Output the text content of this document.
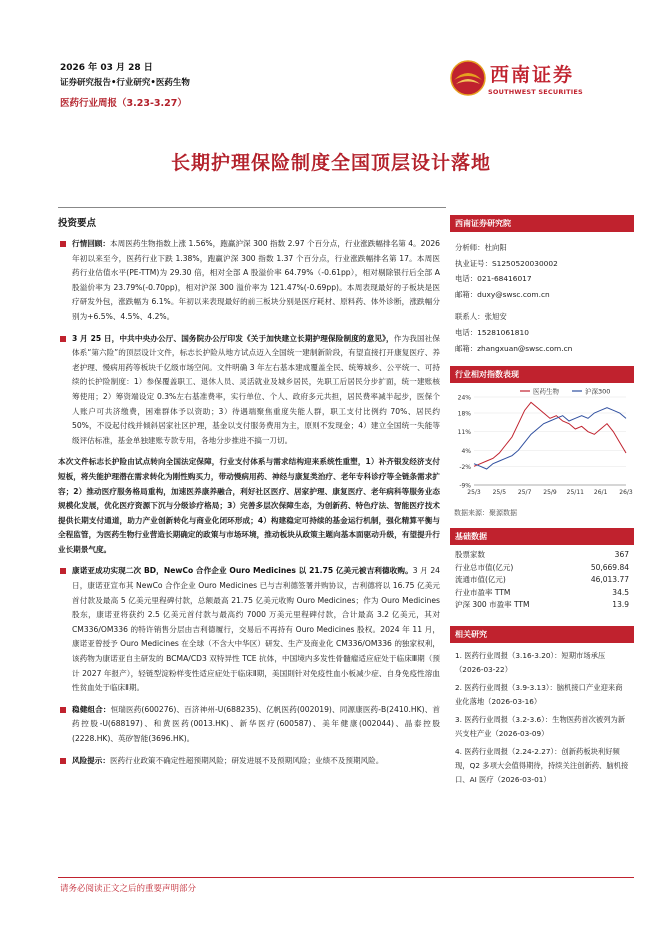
2026 年 03 月 28 日
证券研究报告•行业研究•医药生物
医药行业周报（3.23-3.27）
西南证券
SOUTHWEST SECURITIES
长期护理保险制度全国顶层设计落地
投资要点
行情回顾：本周医药生物指数上涨 1.56%，跑赢沪深 300 指数 2.97 个百分点，行业涨跌幅排名第 4。2026 年初以来至今，医药行业下跌 1.38%，跑赢沪深 300 指数 1.37 个百分点，行业涨跌幅排名第 17。本周医药行业估值水平(PE-TTM)为 29.30 倍，相对全部 A 股溢价率 64.79%（-0.61pp），相对剔除银行后全部 A 股溢价率为 23.79%(-0.70pp)，相对沪深 300 溢价率为 121.47%(-0.69pp)。本周表现最好的子板块是医疗研发外包，涨跌幅为 6.1%。年初以来表现最好的前三板块分别是医疗耗材、原料药、体外诊断，涨跌幅分别为+6.5%、4.5%、4.2%。
3 月 25 日，中共中央办公厅、国务院办公厅印发《关于加快建立长期护理保险制度的意见》，作为我国社保体系“第六险”的顶层设计文件，标志长护险从地方试点迈入全国统一建制新阶段，有望直接打开康复医疗、养老护理、慢病用药等板块千亿级市场空间。文件明确 3 年左右基本建成覆盖全民、统筹城乡、公平统一、可持续的长护险制度：1）参保覆盖职工、退休人员、灵活就业及城乡居民，先职工后居民分步扩面，统一建账核筹使用；2）筹资端设定 0.3%左右基准费率，实行单位、个人、政府多元共担，居民费率减半起步，医保个人账户可共济缴费，困难群体予以资助；3）待遇端聚焦重度失能人群，职工支付比例约 70%、居民约 50%，不设起付线并倾斜居家社区护理，基金以支付服务费用为主，原则不发现金；4）建立全国统一失能等级评估标准，基金单独建账专款专用，各地分步推进不搞一刀切。
本次文件标志长护险由试点转向全国法定保障，行业支付体系与需求结构迎来系统性重塑，1）补齐银发经济支付短板，将失能护理潜在需求转化为刚性购买力，带动慢病用药、神经与康复类治疗、老年专科诊疗等全链条需求扩容；2）推动医疗服务格局重构，加速医养康养融合，利好社区医疗、居家护理、康复医疗、老年病科等服务业态规模化发展，优化医疗资源下沉与分级诊疗格局；3）完善多层次保障生态，为创新药、特色疗法、智能医疗技术提供长期支付通道，助力产业创新转化与商业化闭环形成；4）构建稳定可持续的基金运行机制，强化精算平衡与全程监管，为医药生物行业营造长期确定的政策与市场环境，推动板块从政策主题向基本面驱动升级，有望提升行业长期景气度。
康诺亚成功实现二次 BD，NewCo 合作企业 Ouro Medicines 以 21.75 亿美元被吉利德收购。3 月 24 日，康诺亚宣布其 NewCo 合作企业 Ouro Medicines 已与吉利德签署并购协议，吉利德将以 16.75 亿美元首付款及最高 5 亿美元里程碑付款，总额最高 21.75 亿美元收购 Ouro Medicines；作为 Ouro Medicines 股东，康诺亚将获约 2.5 亿美元首付款与最高约 7000 万美元里程碑付款，合计最高 3.2 亿美元，其对 CM336/OM336 的特许销售分层由吉利德履行，交易后不再持有 Ouro Medicines 股权。2024 年 11 月，康诺亚曾授予 Ouro Medicines 在全球（不含大中华区）研发、生产及商业化 CM336/OM336 的独家权利，该药物为康诺亚自主研发的 BCMA/CD3 双特异性 TCE 抗体，中国境内多发性骨髓瘤适应症处于临床Ⅲ期（预计 2027 年报产），轻链型淀粉样变性适应症处于临床Ⅱ期，美国則针对免疫性血小板减少症、自身免疫性溶血性贫血处于临床Ⅱ期。
稳健组合：恒瑞医药(600276)、百济神州-U(688235)、亿帆医药(002019)、同源康医药-B(2410.HK)、首药控股-U(688197)、和黄医药(0013.HK)、新华医疗(600587)、美年健康(002044)、晶泰控股(2228.HK)、英矽智能(3696.HK)。
风险提示：医药行业政策不确定性超预期风险；研发进展不及预期风险；业绩不及预期风险。
西南证券研究院
分析师：杜向阳
执业证号：S1250520030002
电话：021-68416017
邮箱：duxy@swsc.com.cn
联系人：张旭安
电话：15281061810
邮箱：zhangxuan@swsc.com.cn
行业相对指数表现
24%
18%
11%
4%
-2%
-9%
25/3 25/5 25/7 25/9 25/11 26/1 26/3
医药生物	沪深300
数据来源：聚源数据
基础数据
股票家数	367
行业总市值(亿元)	50,669.84
流通市值(亿元)	46,013.77
行业市盈率 TTM	34.5
沪深 300 市盈率 TTM	13.9
相关研究
1. 医药行业周报（3.16-3.20）：短期市场承压（2026-03-22）
2. 医药行业周报（3.9-3.13）：脑机接口产业迎来商业化落地（2026-03-16）
3. 医药行业周报（3.2-3.6）：生物医药首次被列为新兴支柱产业（2026-03-09）
4. 医药行业周报（2.24-2.27）：创新药板块利好频现，Q2 多项大会值得期待，持续关注创新药、脑机接口、AI 医疗（2026-03-01）
请务必阅读正文之后的重要声明部分
